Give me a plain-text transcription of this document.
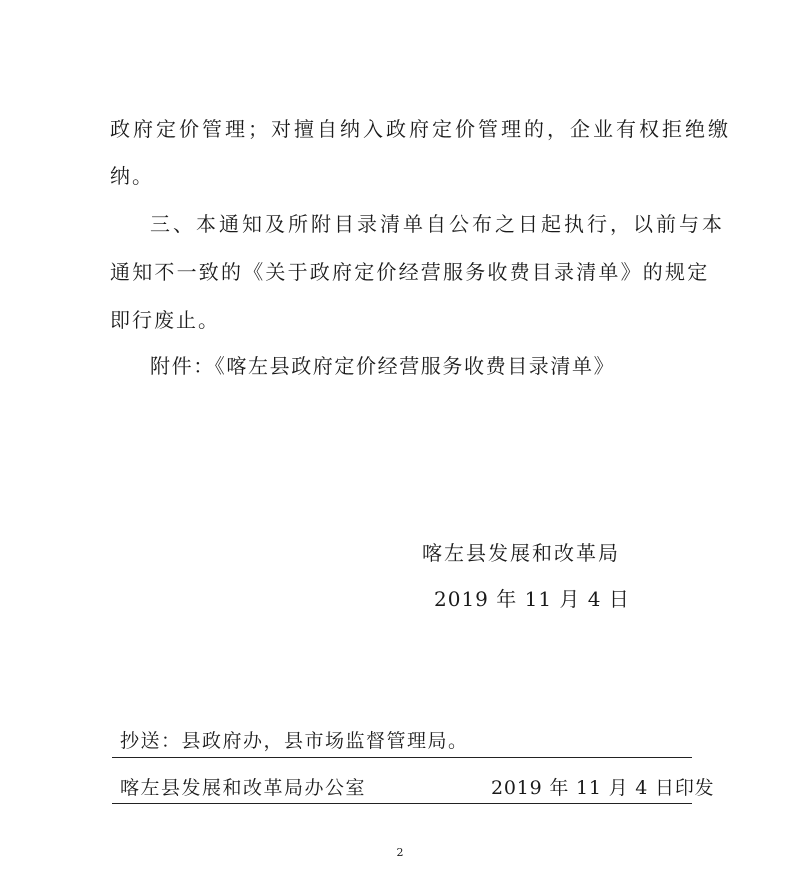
政府定价管理；对擅自纳入政府定价管理的，企业有权拒绝缴

纳。

三、本通知及所附目录清单自公布之日起执行，以前与本

通知不一致的《关于政府定价经营服务收费目录清单》的规定

即行废止。

附件：《喀左县政府定价经营服务收费目录清单》

喀左县发展和改革局

2019 年 11 月 4 日

抄送：县政府办，县市场监督管理局。
喀左县发展和改革局办公室	2019 年 11 月 4 日印发
2
